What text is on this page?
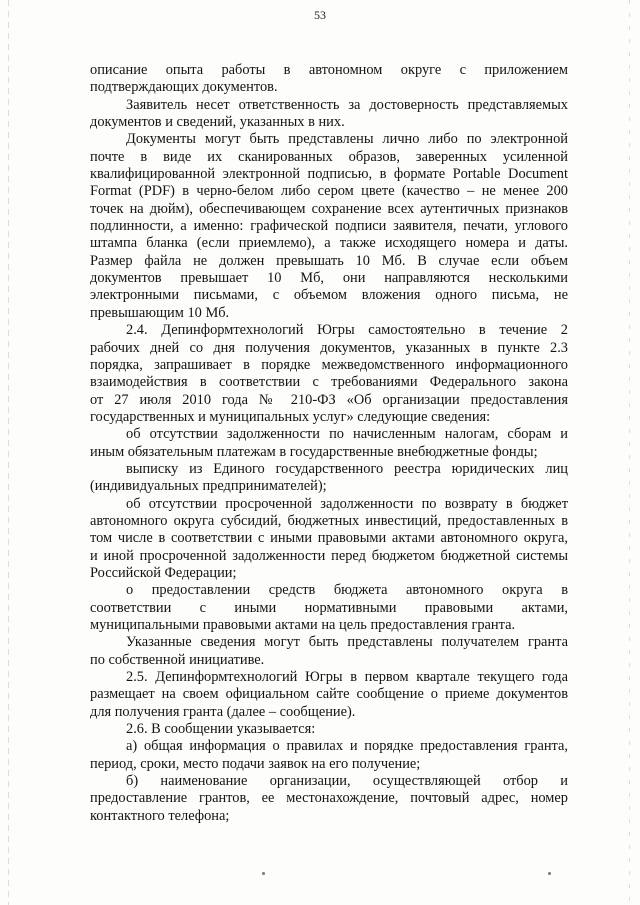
53
описание опыта работы в автономном округе с приложением
подтверждающих документов.
Заявитель несет ответственность за достоверность представляемых
документов и сведений, указанных в них.
Документы могут быть представлены лично либо по электронной
почте в виде их сканированных образов, заверенных усиленной
квалифицированной электронной подписью, в формате Portable Document
Format (PDF) в черно-белом либо сером цвете (качество – не менее 200
точек на дюйм), обеспечивающем сохранение всех аутентичных признаков
подлинности, а именно: графической подписи заявителя, печати, углового
штампа бланка (если приемлемо), а также исходящего номера и даты.
Размер файла не должен превышать 10 Мб. В случае если объем
документов превышает 10 Мб, они направляются несколькими
электронными письмами, с объемом вложения одного письма, не
превышающим 10 Мб.
2.4. Депинформтехнологий Югры самостоятельно в течение 2
рабочих дней со дня получения документов, указанных в пункте 2.3
порядка, запрашивает в порядке межведомственного информационного
взаимодействия в соответствии с требованиями Федерального закона
от 27 июля 2010 года № 210-ФЗ «Об организации предоставления
государственных и муниципальных услуг» следующие сведения:
об отсутствии задолженности по начисленным налогам, сборам и
иным обязательным платежам в государственные внебюджетные фонды;
выписку из Единого государственного реестра юридических лиц
(индивидуальных предпринимателей);
об отсутствии просроченной задолженности по возврату в бюджет
автономного округа субсидий, бюджетных инвестиций, предоставленных в
том числе в соответствии с иными правовыми актами автономного округа,
и иной просроченной задолженности перед бюджетом бюджетной системы
Российской Федерации;
о предоставлении средств бюджета автономного округа в
соответствии с иными нормативными правовыми актами,
муниципальными правовыми актами на цель предоставления гранта.
Указанные сведения могут быть представлены получателем гранта
по собственной инициативе.
2.5. Депинформтехнологий Югры в первом квартале текущего года
размещает на своем официальном сайте сообщение о приеме документов
для получения гранта (далее – сообщение).
2.6. В сообщении указывается:
а) общая информация о правилах и порядке предоставления гранта,
период, сроки, место подачи заявок на его получение;
б) наименование организации, осуществляющей отбор и
предоставление грантов, ее местонахождение, почтовый адрес, номер
контактного телефона;
